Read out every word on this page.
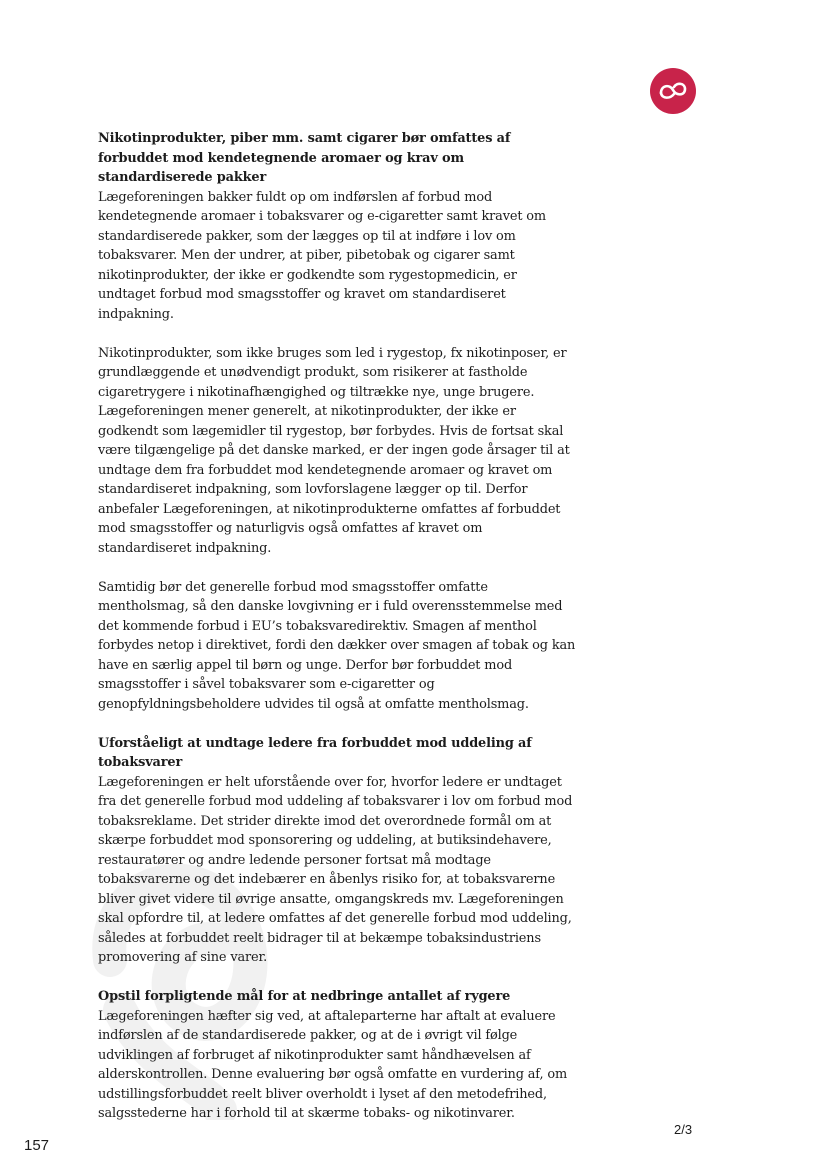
Nikotinprodukter, piber mm. samt cigarer bør omfattes af forbuddet mod kendetegnende aromaer og krav om standardiserede pakker

Lægeforeningen bakker fuldt op om indførslen af forbud mod kendetegnende aromaer i tobaksvarer og e-cigaretter samt kravet om standardiserede pakker, som der lægges op til at indføre i lov om tobaksvarer. Men der undrer, at piber, pibetobak og cigarer samt nikotinprodukter, der ikke er godkendte som rygestopmedicin, er undtaget forbud mod smagsstoffer og kravet om standardiseret indpakning.

Nikotinprodukter, som ikke bruges som led i rygestop, fx nikotinposer, er grundlæggende et unødvendigt produkt, som risikerer at fastholde cigaretrygere i nikotinafhængighed og tiltrække nye, unge brugere. Lægeforeningen mener generelt, at nikotinprodukter, der ikke er godkendt som lægemidler til rygestop, bør forbydes. Hvis de fortsat skal være tilgængelige på det danske marked, er der ingen gode årsager til at undtage dem fra forbuddet mod kendetegnende aromaer og kravet om standardiseret indpakning, som lovforslagene lægger op til. Derfor anbefaler Lægeforeningen, at nikotinprodukterne omfattes af forbuddet mod smagsstoffer og naturligvis også omfattes af kravet om standardiseret indpakning.

Samtidig bør det generelle forbud mod smagsstoffer omfatte mentholsmag, så den danske lovgivning er i fuld overensstemmelse med det kommende forbud i EU’s tobaksvaredirektiv. Smagen af menthol forbydes netop i direktivet, fordi den dækker over smagen af tobak og kan have en særlig appel til børn og unge. Derfor bør forbuddet mod smagsstoffer i såvel tobaksvarer som e-cigaretter og genopfyldningsbeholdere udvides til også at omfatte mentholsmag.

Uforståeligt at undtage ledere fra forbuddet mod uddeling af tobaksvarer

Lægeforeningen er helt uforstående over for, hvorfor ledere er undtaget fra det generelle forbud mod uddeling af tobaksvarer i lov om forbud mod tobaksreklame. Det strider direkte imod det overordnede formål om at skærpe forbuddet mod sponsorering og uddeling, at butiksindehavere, restauratører og andre ledende personer fortsat må modtage tobaksvarerne og det indebærer en åbenlys risiko for, at tobaksvarerne bliver givet videre til øvrige ansatte, omgangskreds mv. Lægeforeningen skal opfordre til, at ledere omfattes af det generelle forbud mod uddeling, således at forbuddet reelt bidrager til at bekæmpe tobaksindustriens promovering af sine varer.

Opstil forpligtende mål for at nedbringe antallet af rygere

Lægeforeningen hæfter sig ved, at aftaleparterne har aftalt at evaluere indførslen af de standardiserede pakker, og at de i øvrigt vil følge udviklingen af forbruget af nikotinprodukter samt håndhævelsen af alderskontrollen. Denne evaluering bør også omfatte en vurdering af, om udstillingsforbuddet reelt bliver overholdt i lyset af den metodefrihed, salgsstederne har i forhold til at skærme tobaks- og nikotinvarer.

2/3
157
